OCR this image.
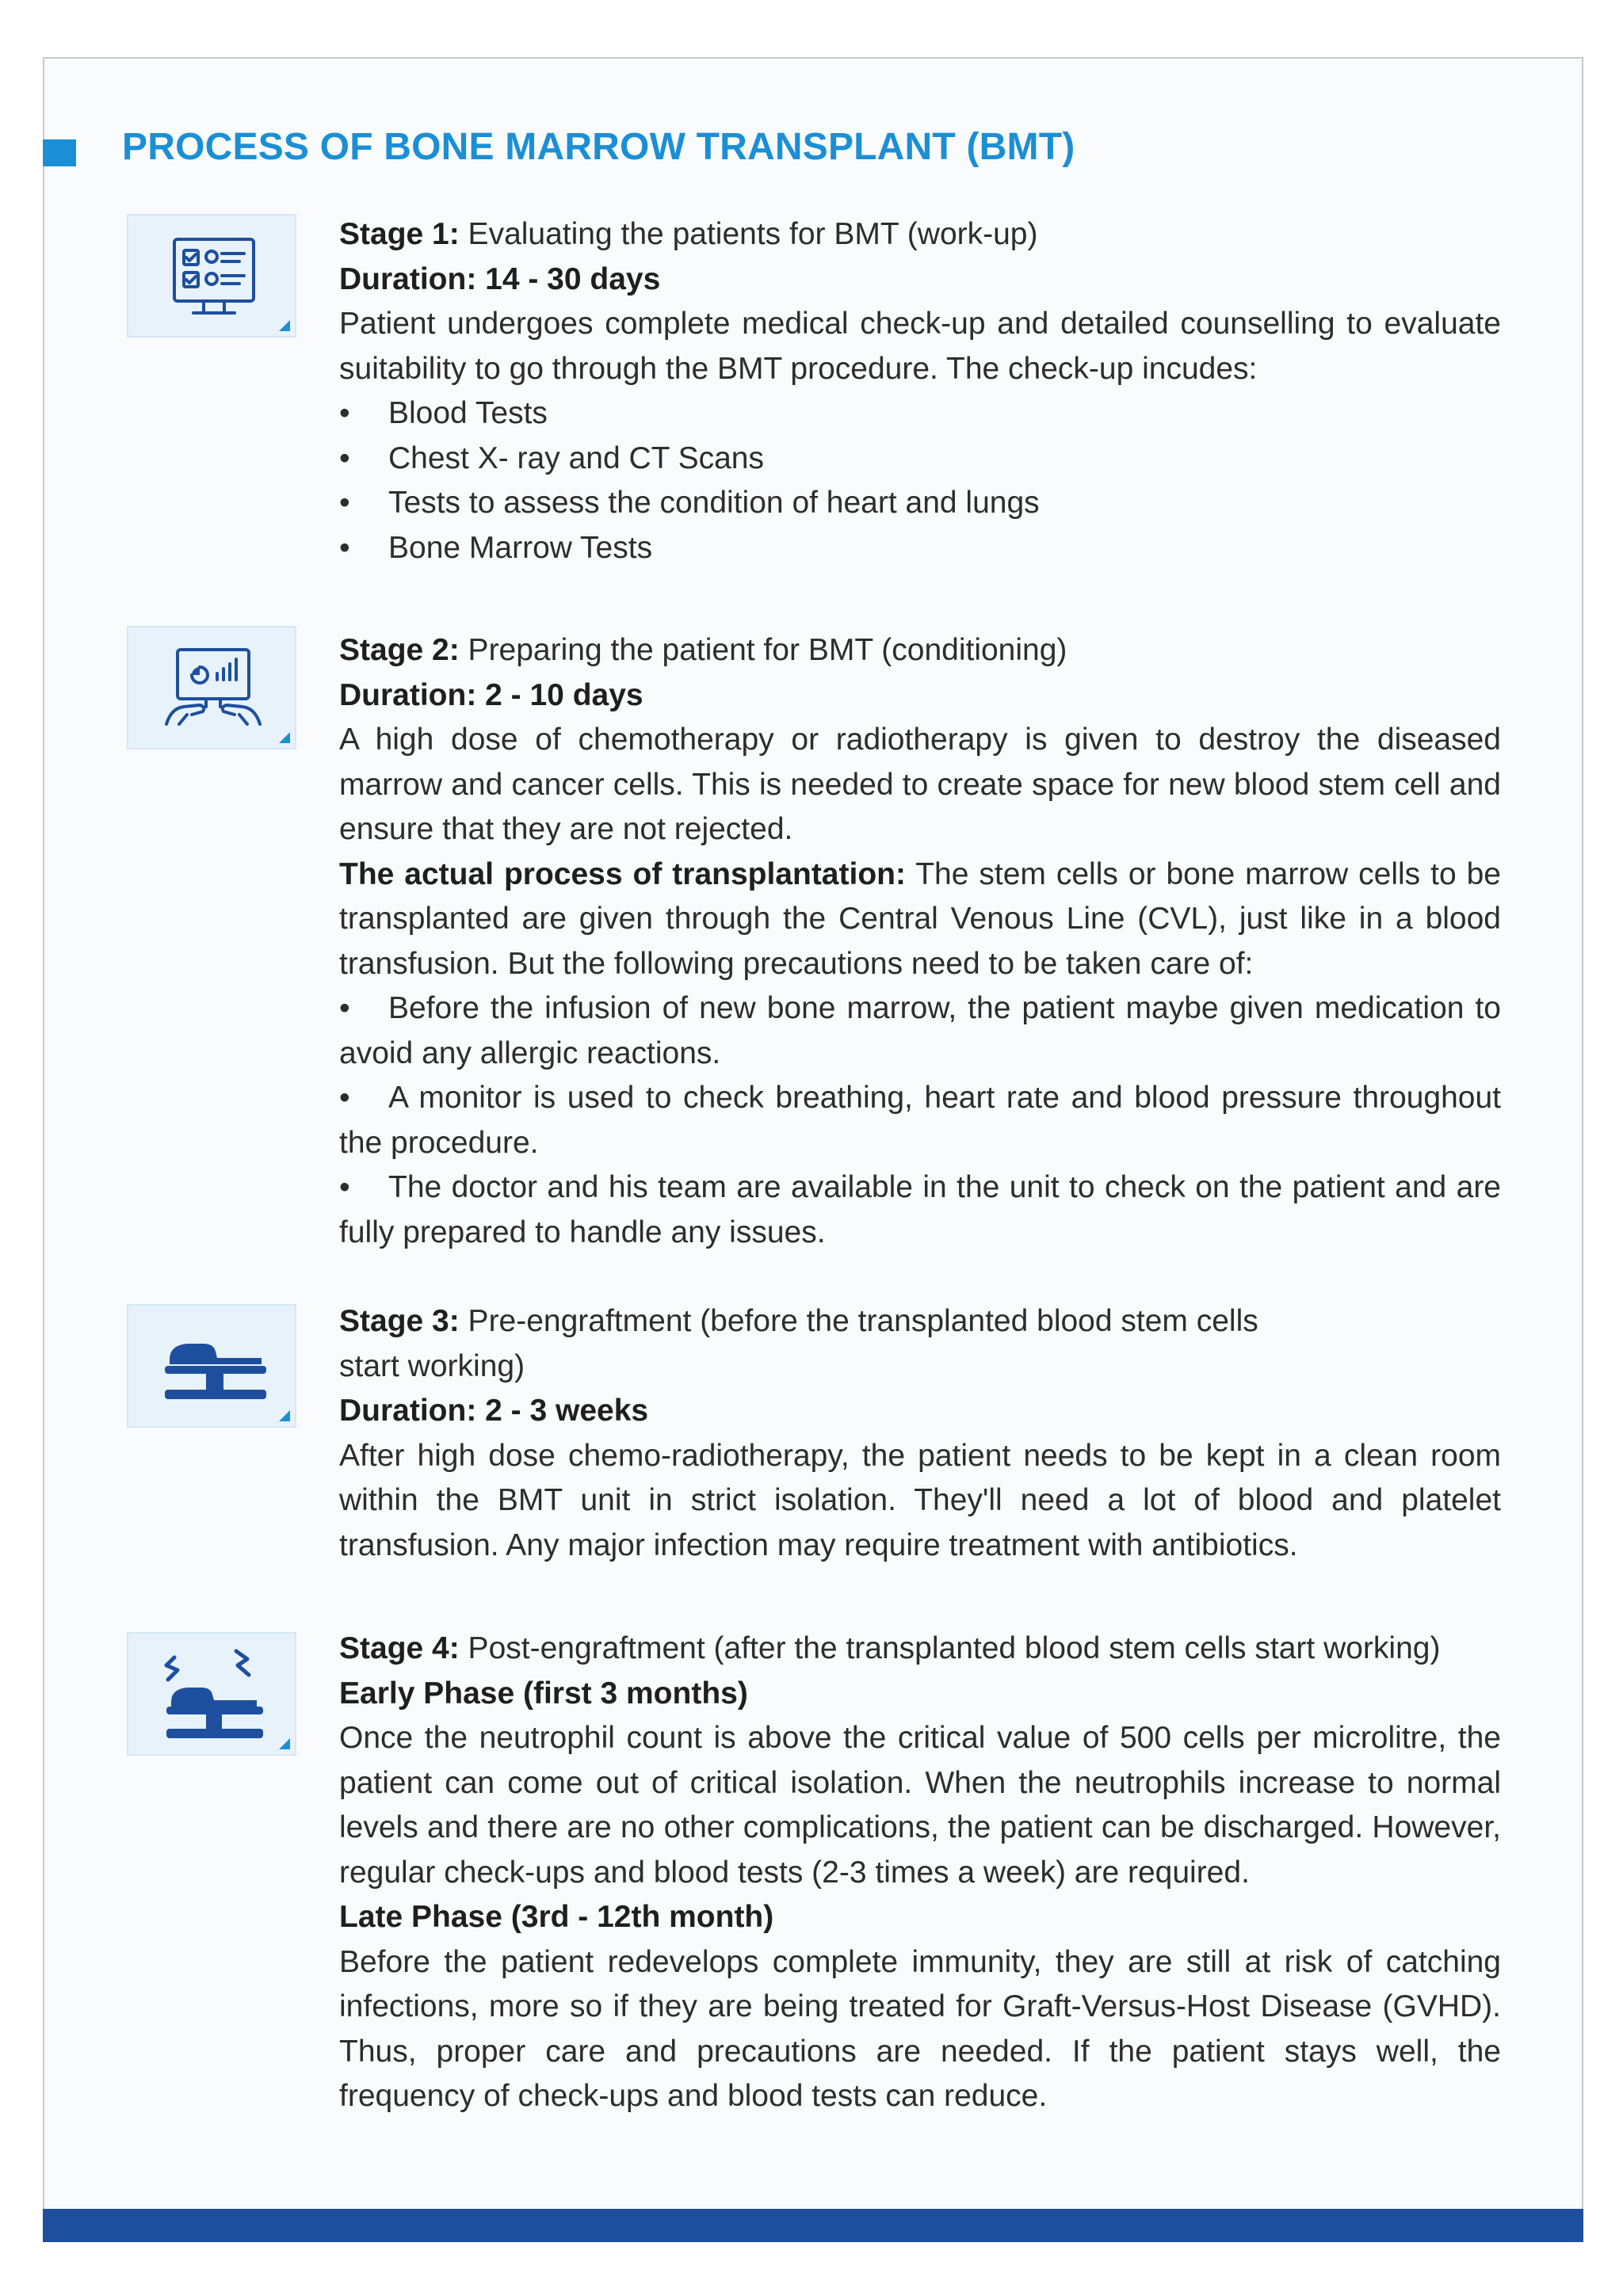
PROCESS OF BONE MARROW TRANSPLANT (BMT)

Stage 1: Evaluating the patients for BMT (work-up)

Duration: 14 - 30 days

Patient undergoes complete medical check-up and detailed counselling to evaluate suitability to go through the BMT procedure. The check-up incudes:

• Blood Tests
• Chest X- ray and CT Scans
• Tests to assess the condition of heart and lungs
• Bone Marrow Tests

Stage 2: Preparing the patient for BMT (conditioning)

Duration: 2 - 10 days

A high dose of chemotherapy or radiotherapy is given to destroy the diseased marrow and cancer cells. This is needed to create space for new blood stem cell and ensure that they are not rejected.

The actual process of transplantation: The stem cells or bone marrow cells to be transplanted are given through the Central Venous Line (CVL), just like in a blood transfusion. But the following precautions need to be taken care of:

• Before the infusion of new bone marrow, the patient maybe given medication to avoid any allergic reactions.

• A monitor is used to check breathing, heart rate and blood pressure throughout the procedure.

• The doctor and his team are available in the unit to check on the patient and are fully prepared to handle any issues.

Stage 3: Pre-engraftment (before the transplanted blood stem cells

start working)

Duration: 2 - 3 weeks

After high dose chemo-radiotherapy, the patient needs to be kept in a clean room within the BMT unit in strict isolation. They'll need a lot of blood and platelet transfusion. Any major infection may require treatment with antibiotics.

Stage 4: Post-engraftment (after the transplanted blood stem cells start working)

Early Phase (first 3 months)

Once the neutrophil count is above the critical value of 500 cells per microlitre, the patient can come out of critical isolation. When the neutrophils increase to normal levels and there are no other complications, the patient can be discharged. However, regular check-ups and blood tests (2-3 times a week) are required.

Late Phase (3rd - 12th month)

Before the patient redevelops complete immunity, they are still at risk of catching infections, more so if they are being treated for Graft-Versus-Host Disease (GVHD). Thus, proper care and precautions are needed. If the patient stays well, the frequency of check-ups and blood tests can reduce.
